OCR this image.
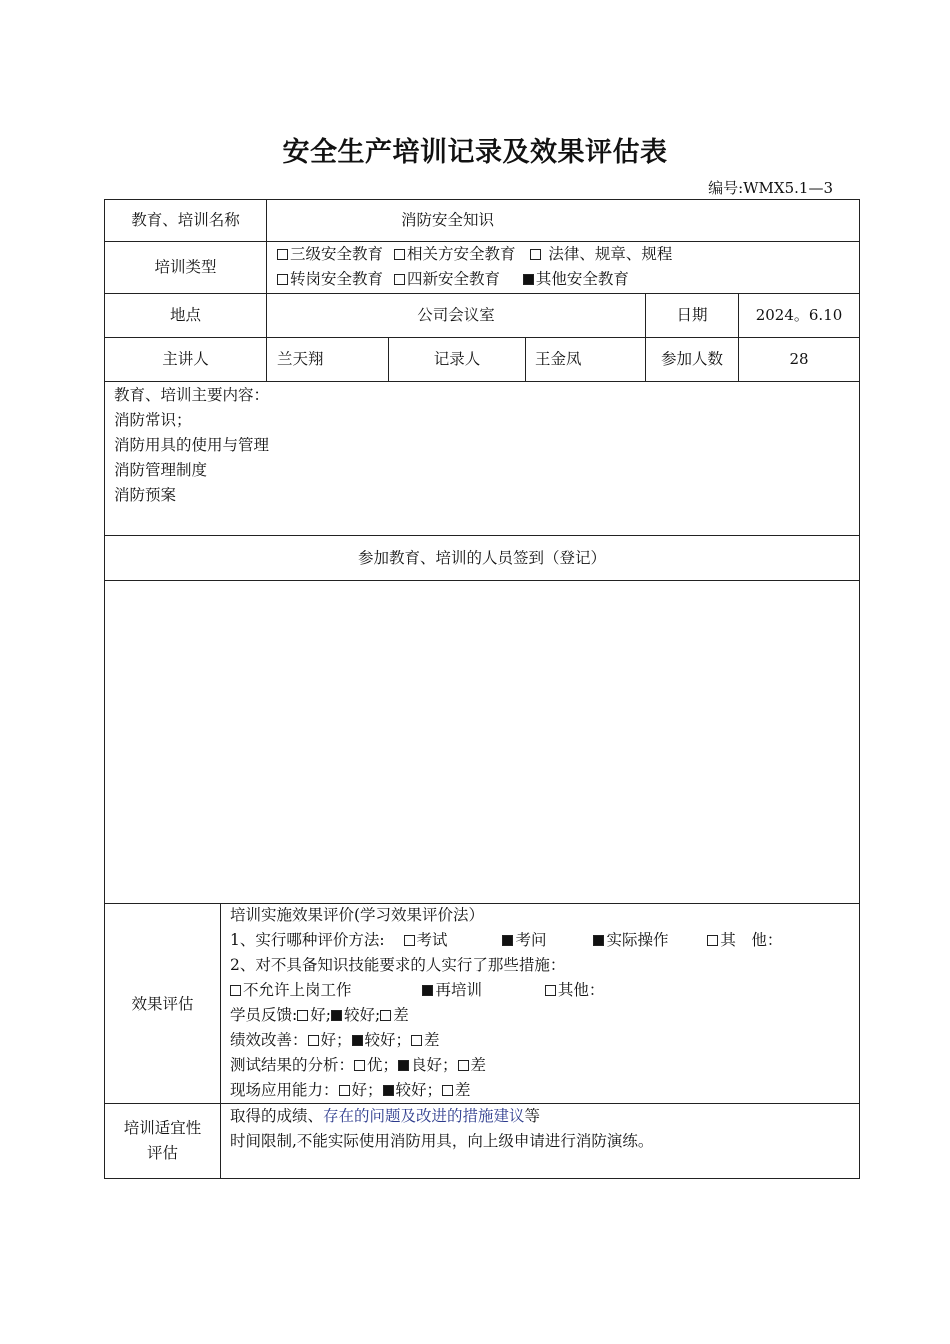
安全生产培训记录及效果评估表
编号:WMX5.1—3
教育、培训名称	消防安全知识
培训类型
三级安全教育 相关方安全教育  法律、规章、规程
转岗安全教育 四新安全教育 其他安全教育
地点	公司会议室	日期	2024。6.10
主讲人	兰天翔	记录人	王金凤	参加人数	28
教育、培训主要内容：
消防常识；
消防用具的使用与管理
消防管理制度
消防预案
参加教育、培训的人员签到（登记）
效果评估
培训实施效果评价(学习效果评价法）
1、实行哪种评价方法: 考试	考问	实际操作	其　他：
2、对不具备知识技能要求的人实行了那些措施：
不允许上岗工作	再培训	其他：
学员反馈: 好; 较好; 差
绩效改善： 好； 较好； 差
测试结果的分析： 优； 良好； 差
现场应用能力： 好； 较好； 差
培训适宜性
评估
取得的成绩、存在的问题及改进的措施建议等
时间限制,不能实际使用消防用具，向上级申请进行消防演练。
